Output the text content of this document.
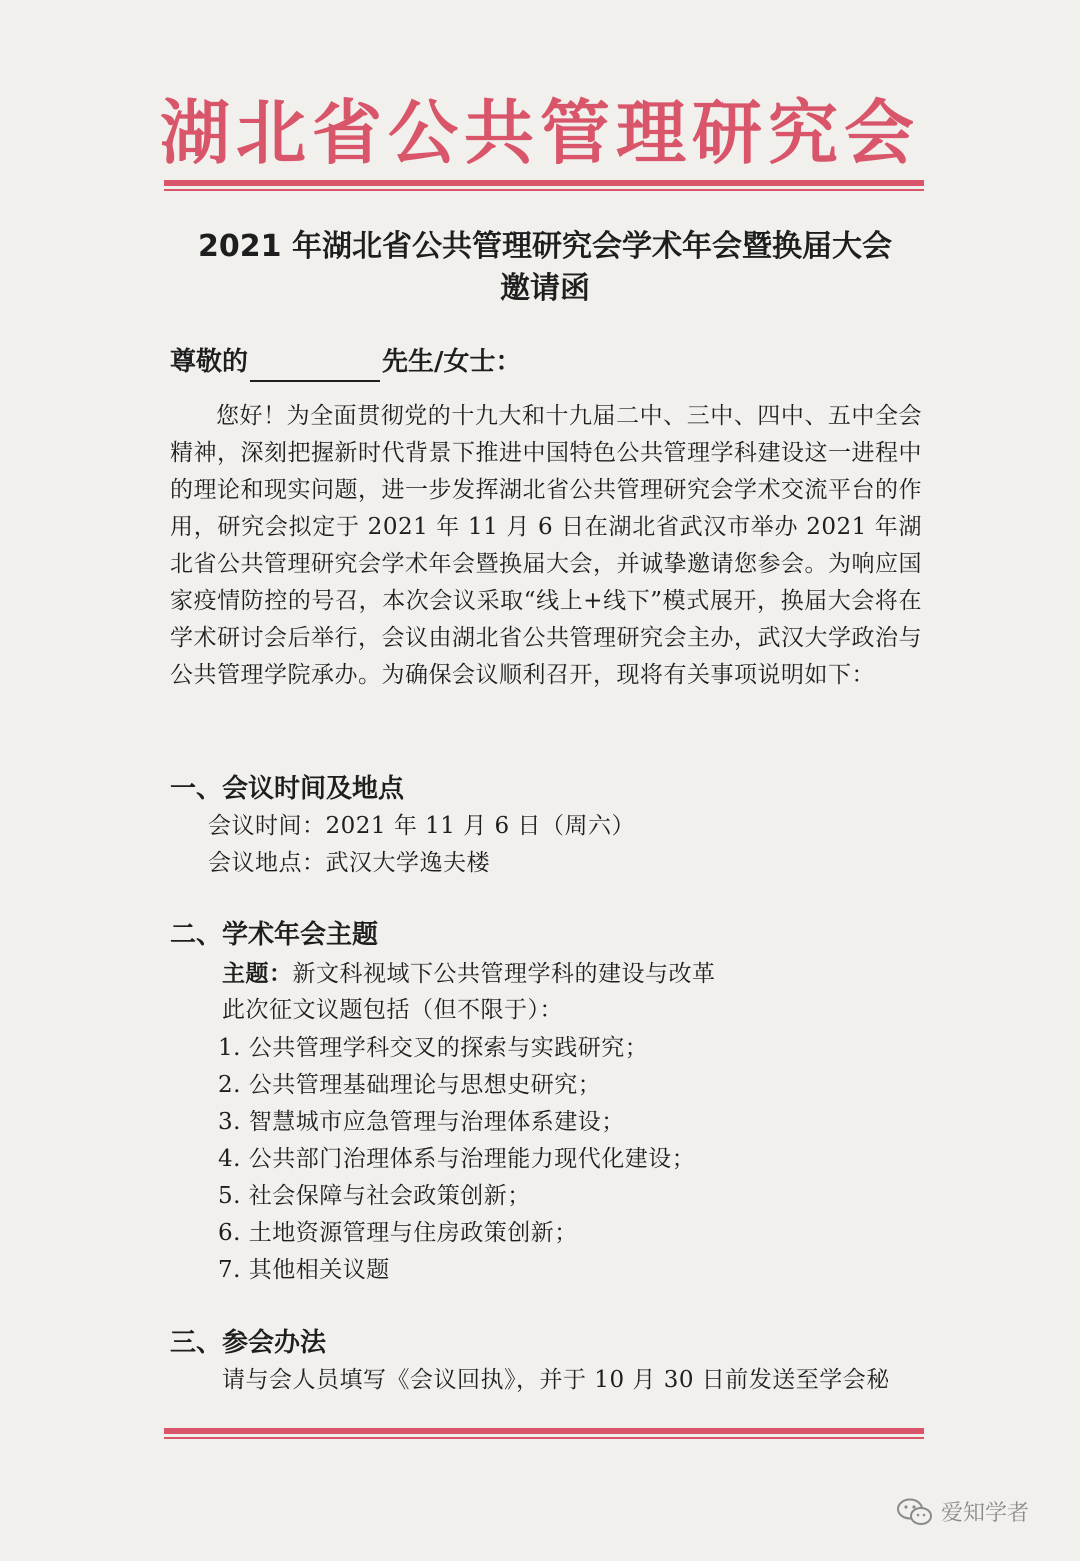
湖北省公共管理研究会
2021 年湖北省公共管理研究会学术年会暨换届大会
邀请函
尊敬的	先生/女士：
您好！为全面贯彻党的十九大和十九届二中、三中、四中、五中全会精神，深刻把握新时代背景下推进中国特色公共管理学科建设这一进程中的理论和现实问题，进一步发挥湖北省公共管理研究会学术交流平台的作用，研究会拟定于 2021 年 11 月 6 日在湖北省武汉市举办 2021 年湖北省公共管理研究会学术年会暨换届大会，并诚挚邀请您参会。为响应国家疫情防控的号召，本次会议采取“线上+线下”模式展开，换届大会将在学术研讨会后举行，会议由湖北省公共管理研究会主办，武汉大学政治与公共管理学院承办。为确保会议顺利召开，现将有关事项说明如下：
一、会议时间及地点
会议时间：2021 年 11 月 6 日（周六）
会议地点：武汉大学逸夫楼
二、学术年会主题
主题：新文科视域下公共管理学科的建设与改革
此次征文议题包括（但不限于）：
1. 公共管理学科交叉的探索与实践研究；
2. 公共管理基础理论与思想史研究；
3. 智慧城市应急管理与治理体系建设；
4. 公共部门治理体系与治理能力现代化建设；
5. 社会保障与社会政策创新；
6. 土地资源管理与住房政策创新；
7. 其他相关议题
三、参会办法
请与会人员填写《会议回执》，并于 10 月 30 日前发送至学会秘
爱知学者
